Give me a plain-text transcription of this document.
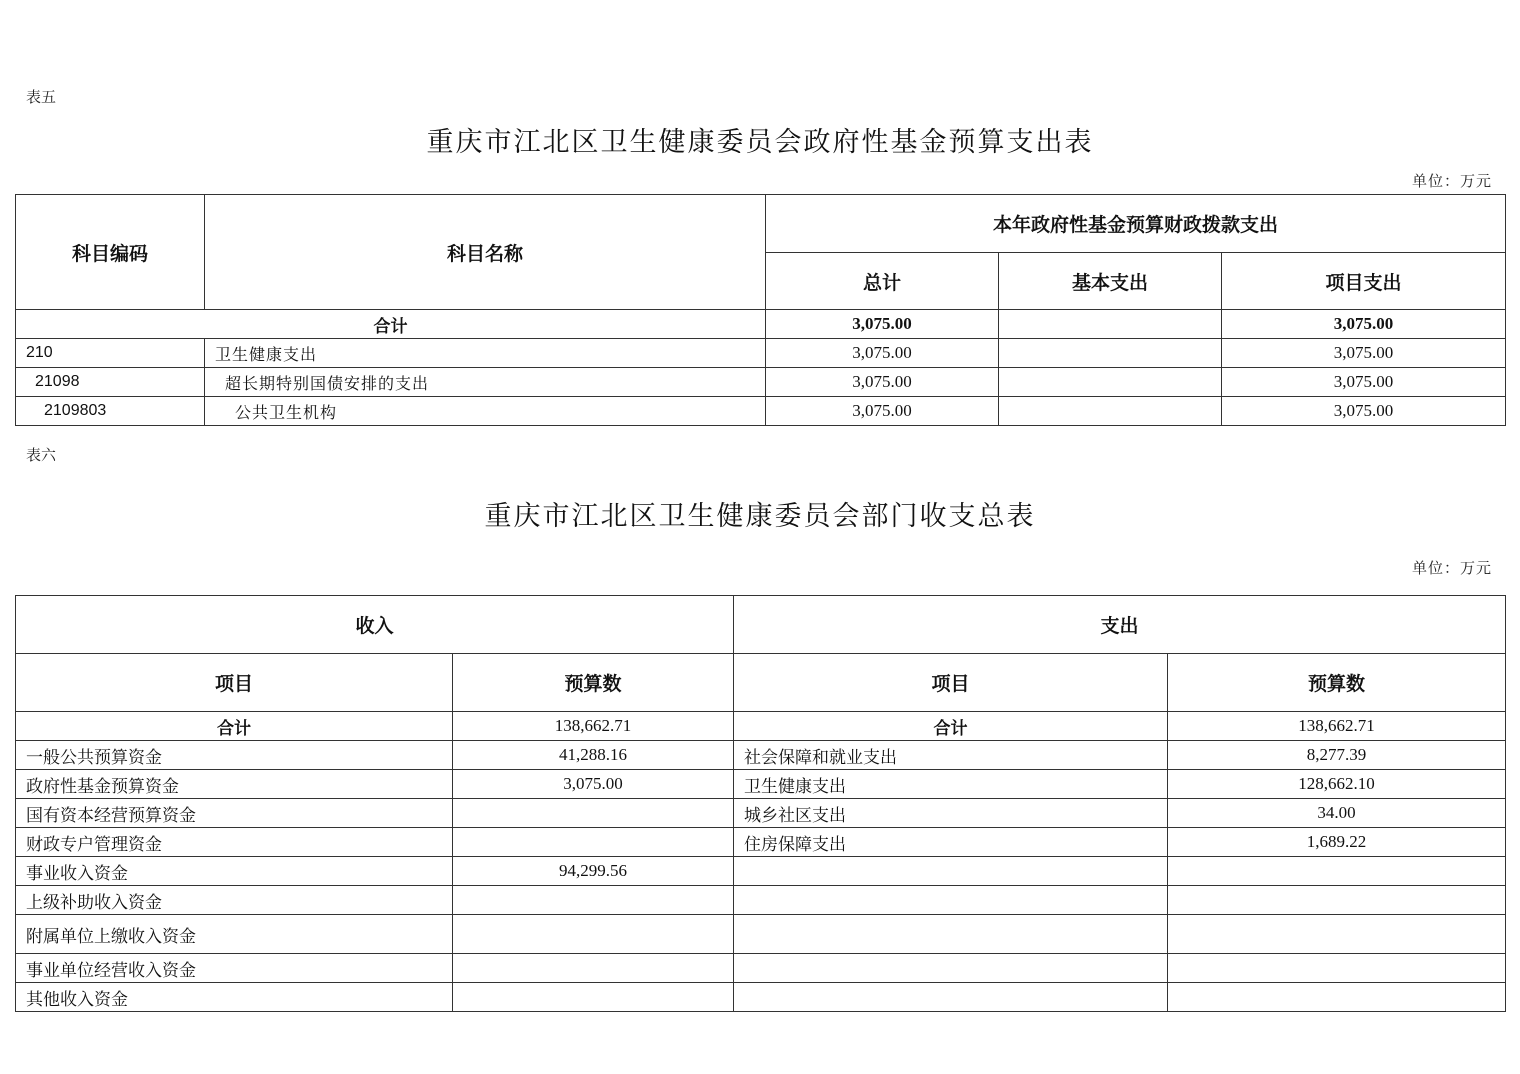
表五
重庆市江北区卫生健康委员会政府性基金预算支出表
单位：万元
科目编码	科目名称	本年政府性基金预算财政拨款支出		
		总计	基本支出	项目支出
合计		3,075.00		3,075.00
210	卫生健康支出	3,075.00		3,075.00
21098	超长期特别国债安排的支出	3,075.00		3,075.00
2109803	公共卫生机构	3,075.00		3,075.00
表六
重庆市江北区卫生健康委员会部门收支总表
单位：万元
收入		支出	
项目	预算数	项目	预算数
合计	138,662.71	合计	138,662.71
一般公共预算资金	41,288.16	社会保障和就业支出	8,277.39
政府性基金预算资金	3,075.00	卫生健康支出	128,662.10
国有资本经营预算资金		城乡社区支出	34.00
财政专户管理资金		住房保障支出	1,689.22
事业收入资金	94,299.56		
上级补助收入资金			
附属单位上缴收入资金			
事业单位经营收入资金			
其他收入资金			
